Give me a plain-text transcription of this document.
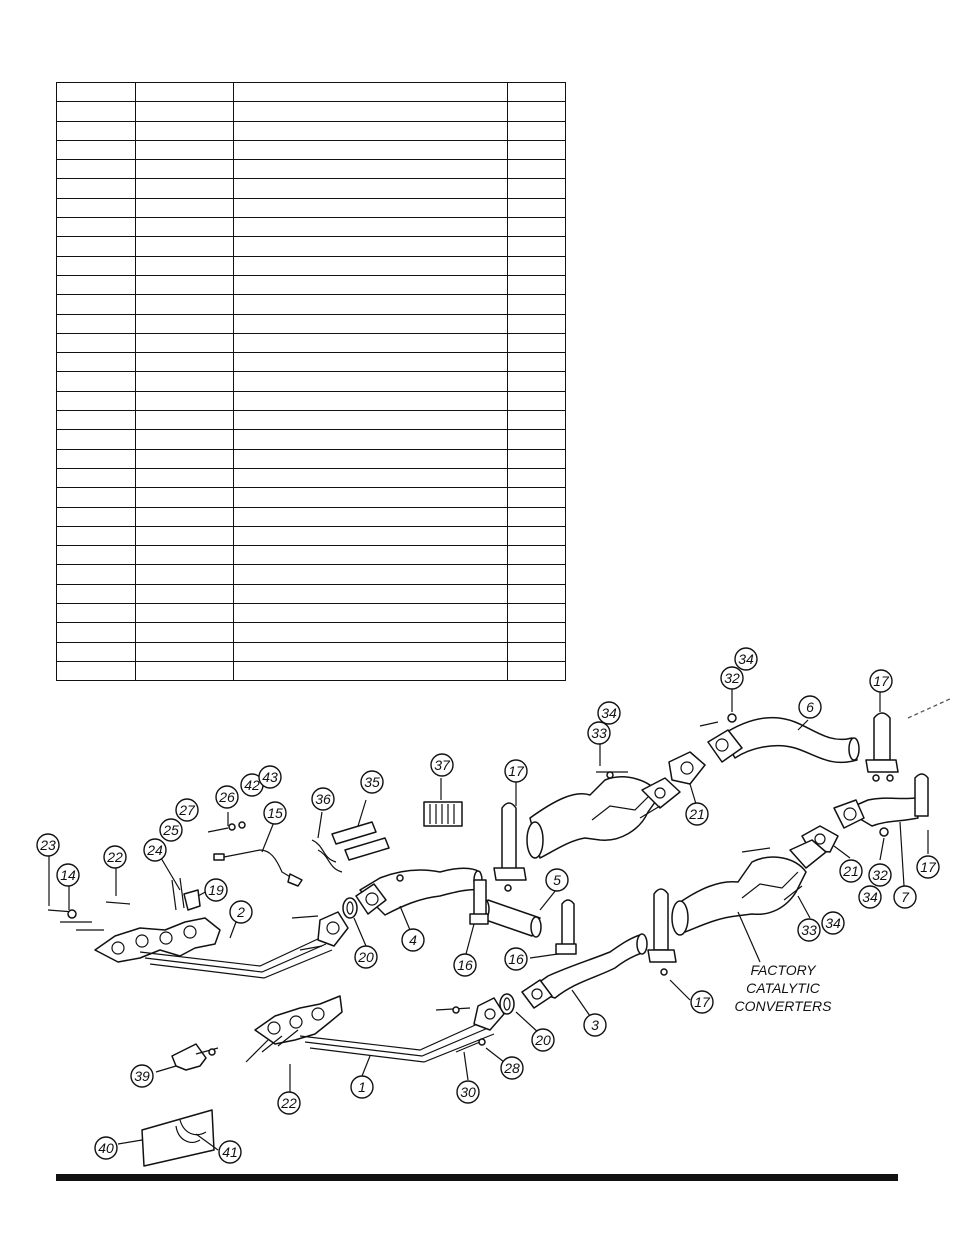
1
2
3
4
5
6
7
14
15
16	16
17
17
17
17
19
20
20
21
21
22
22
23	24
25
26
27
28
30
32
32
33
33
34
34
34
34
35
36
37
39
40	41
42 43
FACTORY
CATALYTIC
CONVERTERS
